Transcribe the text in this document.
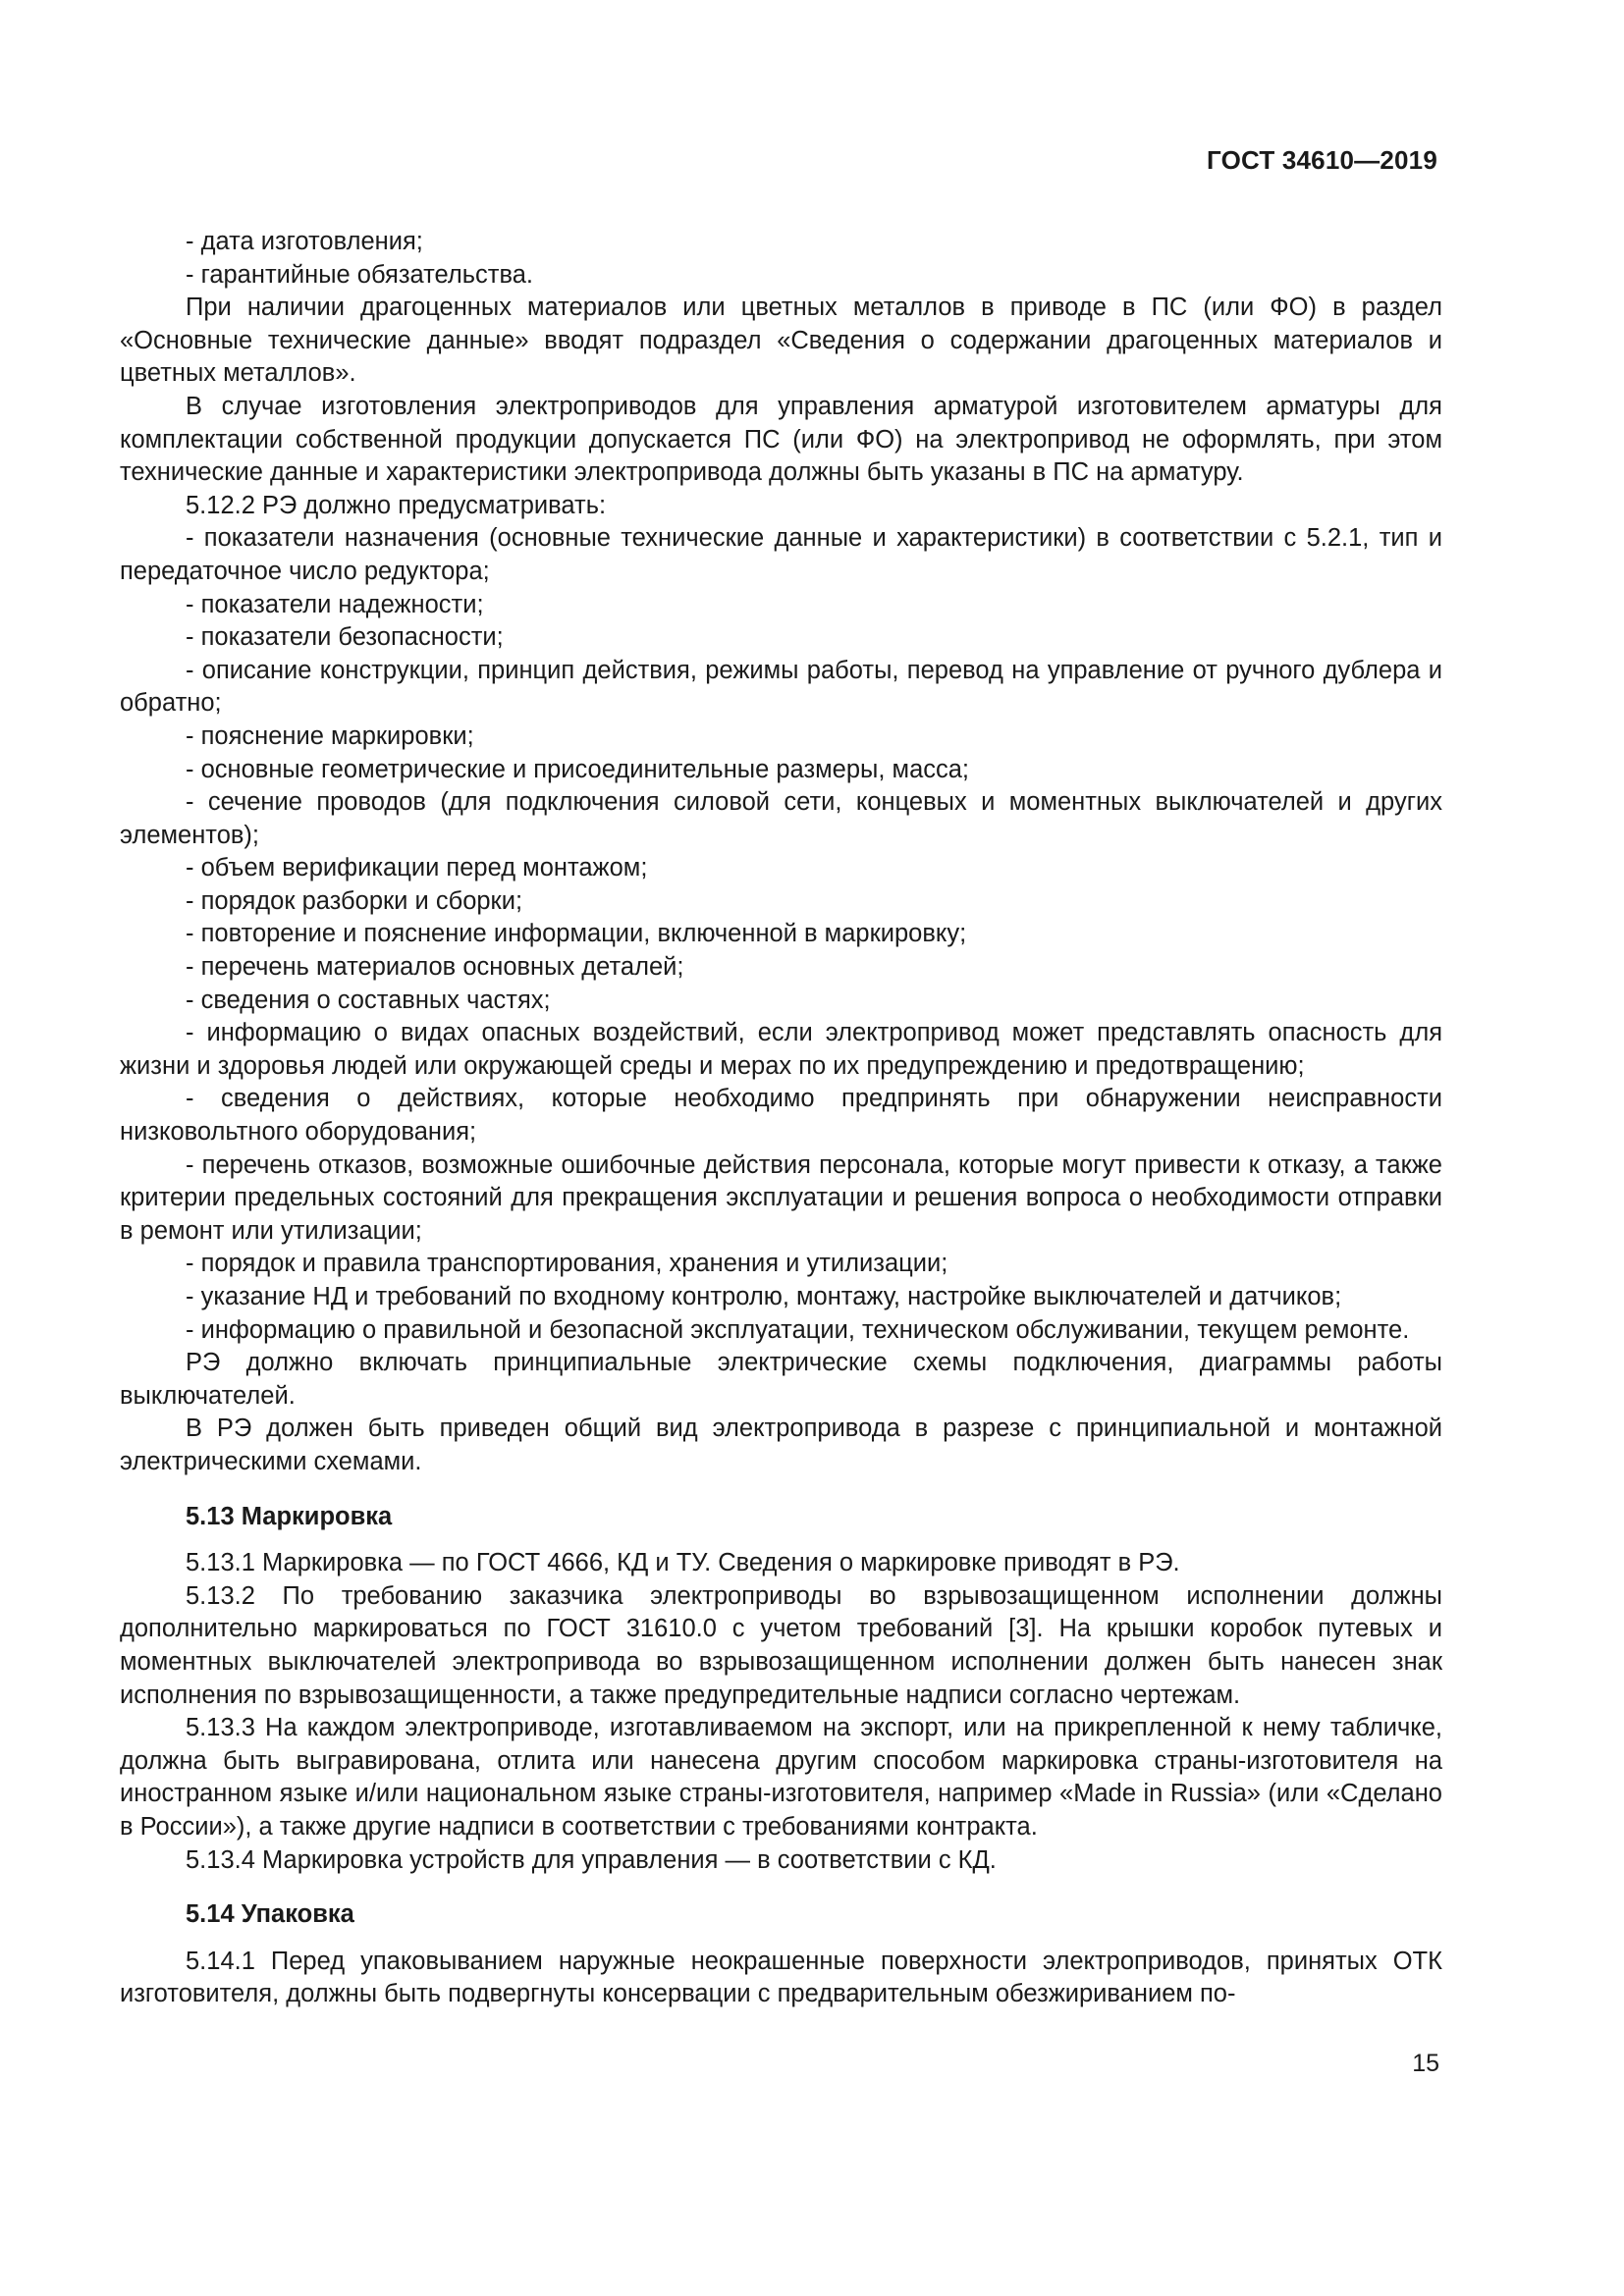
ГОСТ 34610—2019

- дата изготовления;

- гарантийные обязательства.

При наличии драгоценных материалов или цветных металлов в приводе в ПС (или ФО) в раздел «Основные технические данные» вводят подраздел «Сведения о содержании драгоценных материалов и цветных металлов».

В случае изготовления электроприводов для управления арматурой изготовителем арматуры для комплектации собственной продукции допускается ПС (или ФО) на электропривод не оформлять, при этом технические данные и характеристики электропривода должны быть указаны в ПС на арматуру.

5.12.2 РЭ должно предусматривать:

- показатели назначения (основные технические данные и характеристики) в соответствии с 5.2.1, тип и передаточное число редуктора;

- показатели надежности;

- показатели безопасности;

- описание конструкции, принцип действия, режимы работы, перевод на управление от ручного дублера и обратно;

- пояснение маркировки;

- основные геометрические и присоединительные размеры, масса;

- сечение проводов (для подключения силовой сети, концевых и моментных выключателей и других элементов);

- объем верификации перед монтажом;

- порядок разборки и сборки;

- повторение и пояснение информации, включенной в маркировку;

- перечень материалов основных деталей;

- сведения о составных частях;

- информацию о видах опасных воздействий, если электропривод может представлять опасность для жизни и здоровья людей или окружающей среды и мерах по их предупреждению и предотвращению;

- сведения о действиях, которые необходимо предпринять при обнаружении неисправности низковольтного оборудования;

- перечень отказов, возможные ошибочные действия персонала, которые могут привести к отказу, а также критерии предельных состояний для прекращения эксплуатации и решения вопроса о необходимости отправки в ремонт или утилизации;

- порядок и правила транспортирования, хранения и утилизации;

- указание НД и требований по входному контролю, монтажу, настройке выключателей и датчиков;

- информацию о правильной и безопасной эксплуатации, техническом обслуживании, текущем ремонте.

РЭ должно включать принципиальные электрические схемы подключения, диаграммы работы выключателей.

В РЭ должен быть приведен общий вид электропривода в разрезе с принципиальной и монтажной электрическими схемами.

5.13 Маркировка

5.13.1 Маркировка — по ГОСТ 4666, КД и ТУ. Сведения о маркировке приводят в РЭ.

5.13.2 По требованию заказчика электроприводы во взрывозащищенном исполнении должны дополнительно маркироваться по ГОСТ 31610.0 с учетом требований [3]. На крышки коробок путевых и моментных выключателей электропривода во взрывозащищенном исполнении должен быть нанесен знак исполнения по взрывозащищенности, а также предупредительные надписи согласно чертежам.

5.13.3 На каждом электроприводе, изготавливаемом на экспорт, или на прикрепленной к нему табличке, должна быть выгравирована, отлита или нанесена другим способом маркировка страны-изготовителя на иностранном языке и/или национальном языке страны-изготовителя, например «Made in Russia» (или «Сделано в России»), а также другие надписи в соответствии с требованиями контракта.

5.13.4 Маркировка устройств для управления — в соответствии с КД.

5.14 Упаковка

5.14.1 Перед упаковыванием наружные неокрашенные поверхности электроприводов, принятых ОТК изготовителя, должны быть подвергнуты консервации с предварительным обезжириванием по-

15
